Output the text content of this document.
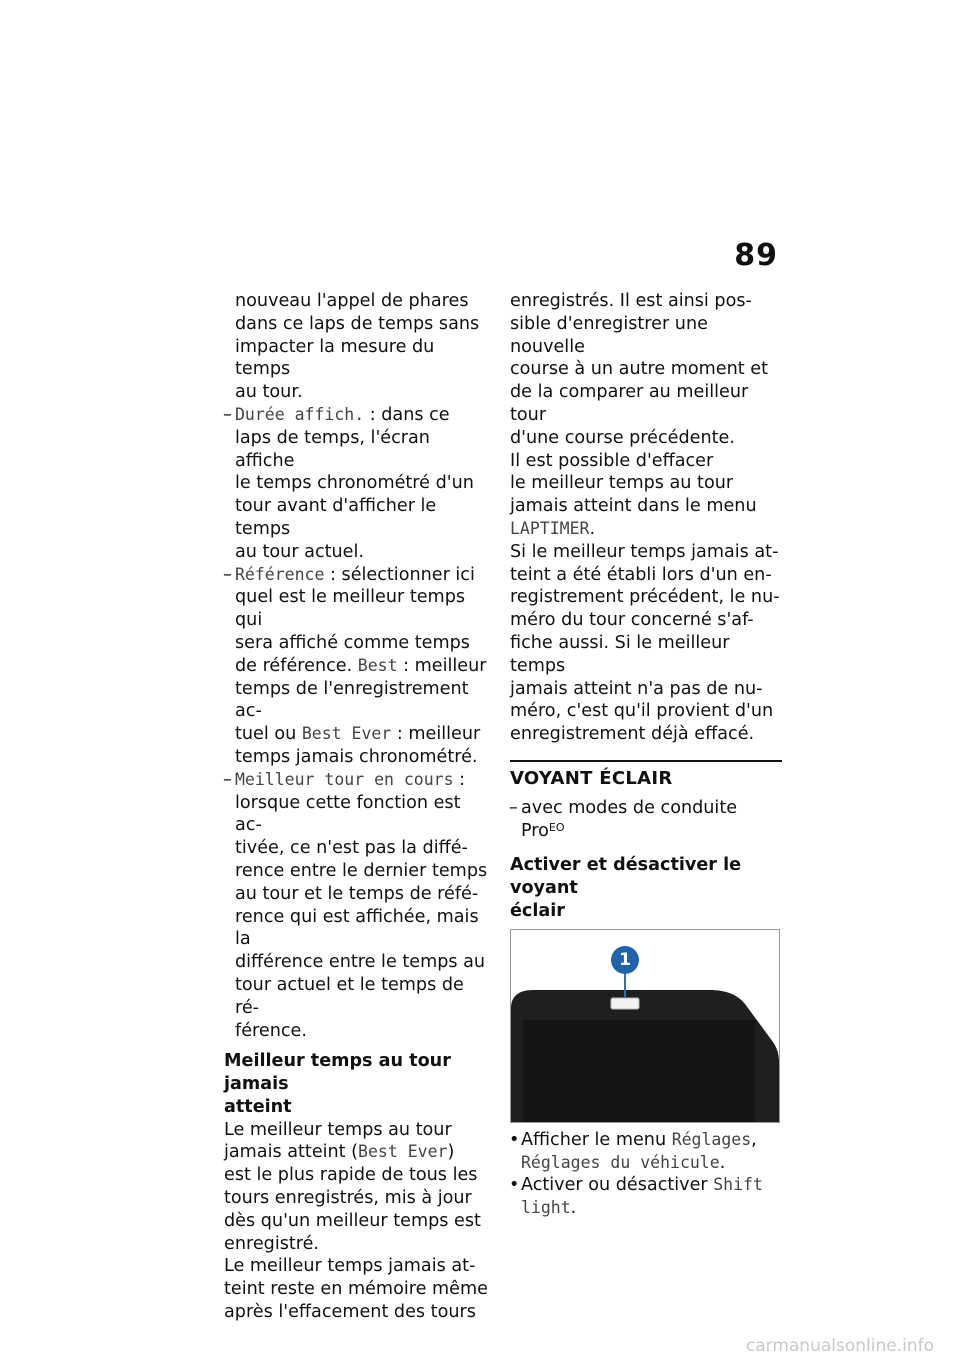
89
nouveau l'appel de phares
dans ce laps de temps sans
impacter la mesure du temps
au tour.
– Durée affich. : dans ce
laps de temps, l'écran affiche
le temps chronométré d'un
tour avant d'afficher le temps
au tour actuel.
– Référence : sélectionner ici
quel est le meilleur temps qui
sera affiché comme temps
de référence. Best : meilleur
temps de l'enregistrement ac-
tuel ou Best Ever : meilleur
temps jamais chronométré.
– Meilleur tour en cours :
lorsque cette fonction est ac-
tivée, ce n'est pas la diffé-
rence entre le dernier temps
au tour et le temps de réfé-
rence qui est affichée, mais la
différence entre le temps au
tour actuel et le temps de ré-
férence.
Meilleur temps au tour jamais
atteint
Le meilleur temps au tour
jamais atteint (Best Ever)
est le plus rapide de tous les
tours enregistrés, mis à jour
dès qu'un meilleur temps est
enregistré.
Le meilleur temps jamais at-
teint reste en mémoire même
après l'effacement des tours
enregistrés. Il est ainsi pos-
sible d'enregistrer une nouvelle
course à un autre moment et
de la comparer au meilleur tour
d'une course précédente.
Il est possible d'effacer
le meilleur temps au tour
jamais atteint dans le menu
LAPTIMER.
Si le meilleur temps jamais at-
teint a été établi lors d'un en-
registrement précédent, le nu-
méro du tour concerné s'af-
fiche aussi. Si le meilleur temps
jamais atteint n'a pas de nu-
méro, c'est qu'il provient d'un
enregistrement déjà effacé.
VOYANT ÉCLAIR
– avec modes de conduite
Pro$^{EO}$
Activer et désactiver le voyant
éclair
1
• Afficher le menu Réglages,
Réglages du véhicule.
• Activer ou désactiver Shift
light.
carmanualsonline.info
